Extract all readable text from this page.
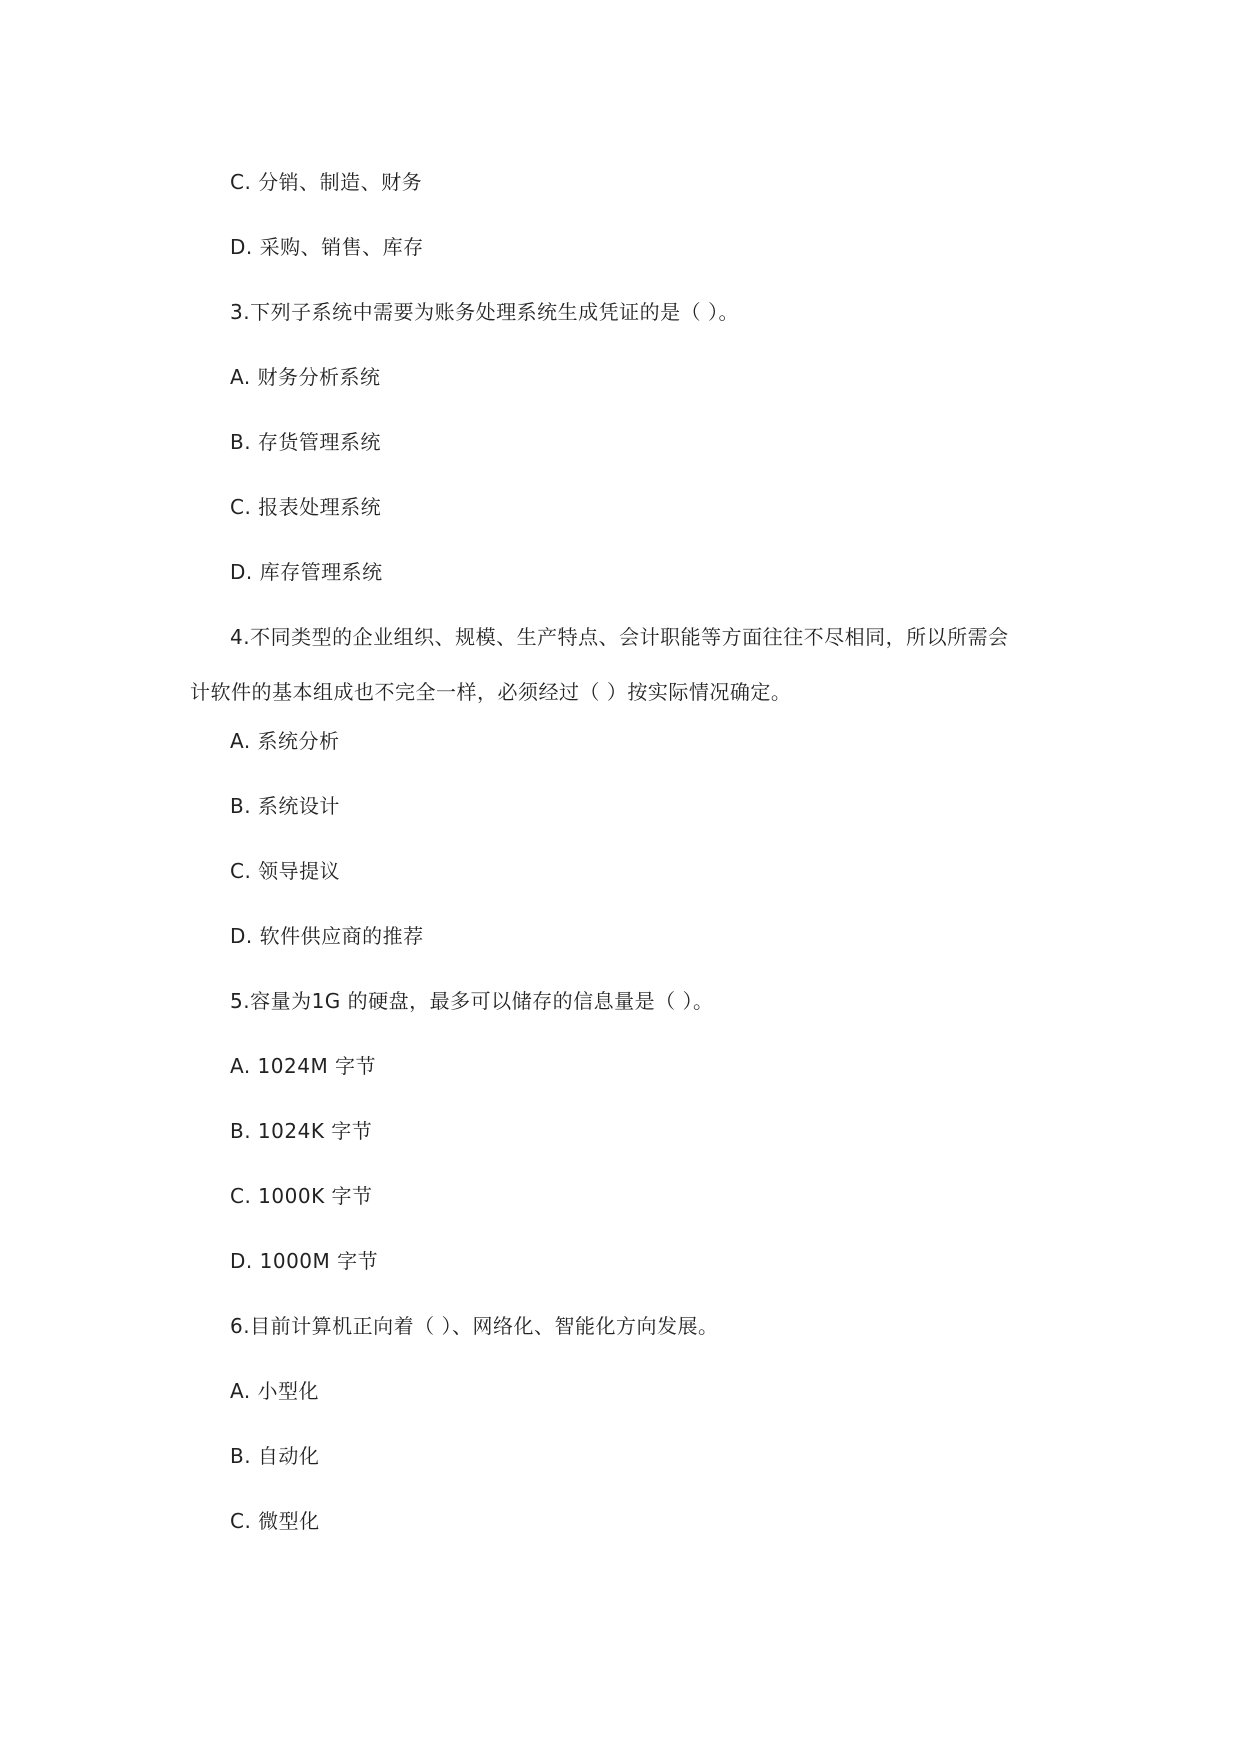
C. 分销、制造、财务
D. 采购、销售、库存
3.下列子系统中需要为账务处理系统生成凭证的是（ ）。
A. 财务分析系统
B. 存货管理系统
C. 报表处理系统
D. 库存管理系统
4.不同类型的企业组织、规模、生产特点、会计职能等方面往往不尽相同，所以所需会
计软件的基本组成也不完全一样，必须经过（ ）按实际情况确定。
A. 系统分析
B. 系统设计
C. 领导提议
D. 软件供应商的推荐
5.容量为1G 的硬盘，最多可以储存的信息量是（ ）。
A. 1024M 字节
B. 1024K 字节
C. 1000K 字节
D. 1000M 字节
6.目前计算机正向着（ ）、网络化、智能化方向发展。
A. 小型化
B. 自动化
C. 微型化
